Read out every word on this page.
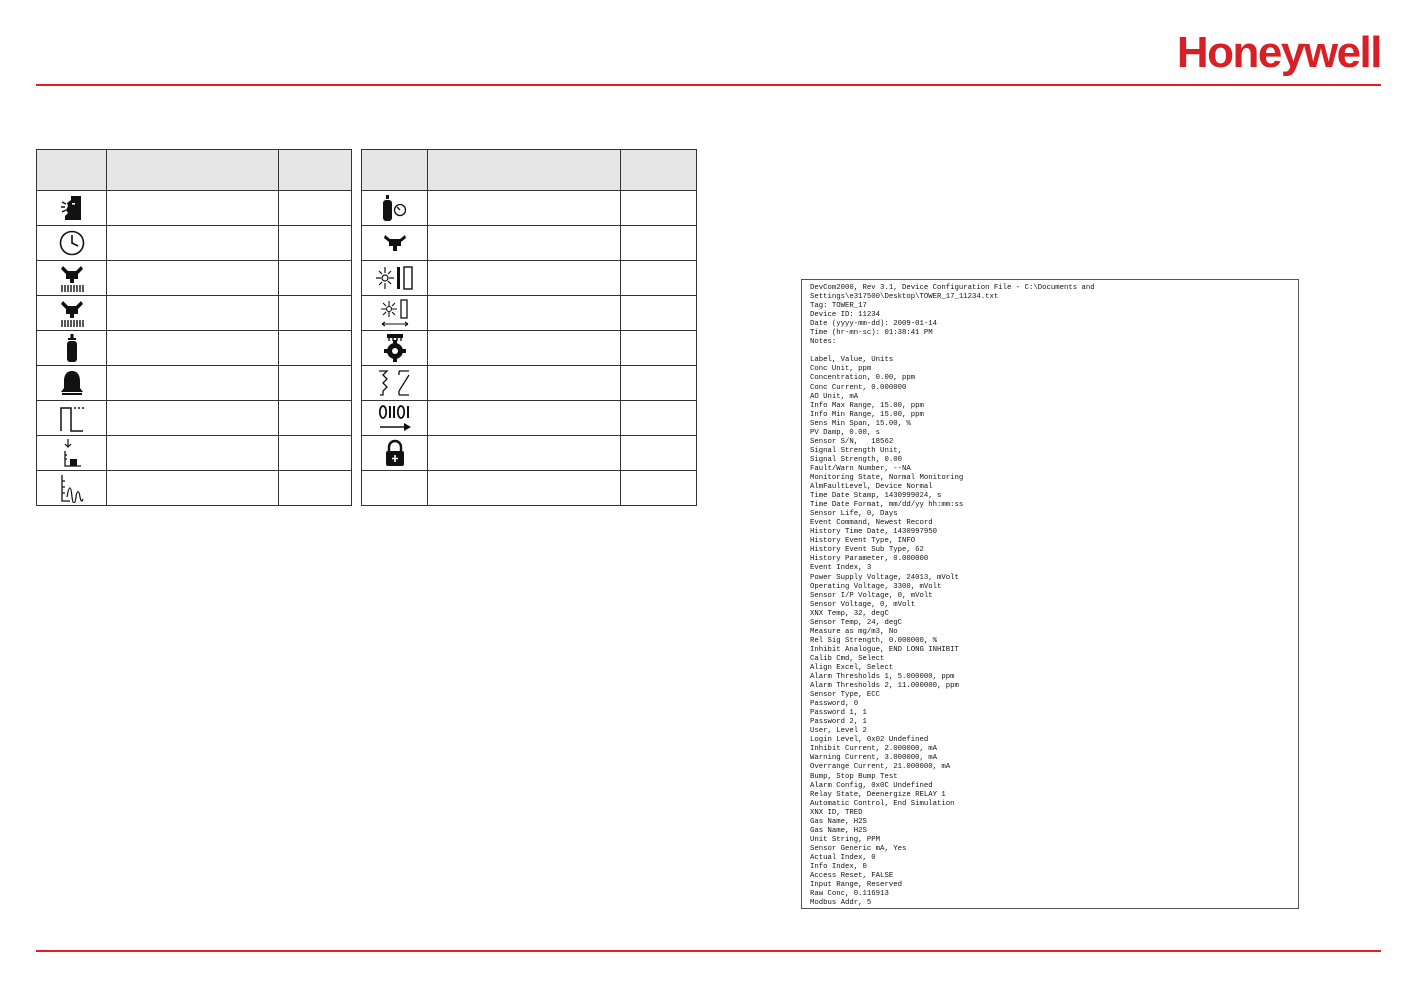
Honeywell

DevCom2000, Rev 3.1, Device Configuration File - C:\Documents and
Settings\e317500\Desktop\TOWER_17_11234.txt
Tag: TOWER_17
Device ID: 11234
Date (yyyy-mm-dd): 2009-01-14
Time (hr-mn-sc): 01:38:41 PM
Notes:

Label, Value, Units
Conc Unit, ppm
Concentration, 0.00, ppm
Conc Current, 0.000000
AO Unit, mA
Info Max Range, 15.00, ppm
Info Min Range, 15.00, ppm
Sens Min Span, 15.00, %
PV Damp, 0.00, s
Sensor S/N,   18562
Signal Strength Unit,
Signal Strength, 0.00
Fault/Warn Number, --NA
Monitoring State, Normal Monitoring
AlmFaultLevel, Device Normal
Time Date Stamp, 1430999024, s
Time Date Format, mm/dd/yy hh:mm:ss
Sensor Life, 0, Days
Event Command, Newest Record
History Time Date, 1430997950
History Event Type, INFO
History Event Sub Type, 62
History Parameter, 0.000000
Event Index, 3
Power Supply Voltage, 24013, mVolt
Operating Voltage, 3300, mVolt
Sensor I/P Voltage, 0, mVolt
Sensor Voltage, 0, mVolt
XNX Temp, 32, degC
Sensor Temp, 24, degC
Measure as mg/m3, No
Rel Sig Strength, 0.000000, %
Inhibit Analogue, END LONG INHIBIT
Calib Cmd, Select
Align Excel, Select
Alarm Thresholds 1, 5.000000, ppm
Alarm Thresholds 2, 11.000000, ppm
Sensor Type, ECC
Password, 0
Password 1, 1
Password 2, 1
User, Level 2
Login Level, 0x02 Undefined
Inhibit Current, 2.000000, mA
Warning Current, 3.000000, mA
Overrange Current, 21.000000, mA
Bump, Stop Bump Test
Alarm Config, 0x0C Undefined
Relay State, Deenergize RELAY 1
Automatic Control, End Simulation
XNX ID, TRED
Gas Name, H2S
Gas Name, H2S
Unit String, PPM
Sensor Generic mA, Yes
Actual Index, 0
Info Index, 0
Access Reset, FALSE
Input Range, Reserved
Raw Conc, 0.116913
Modbus Addr, 5
